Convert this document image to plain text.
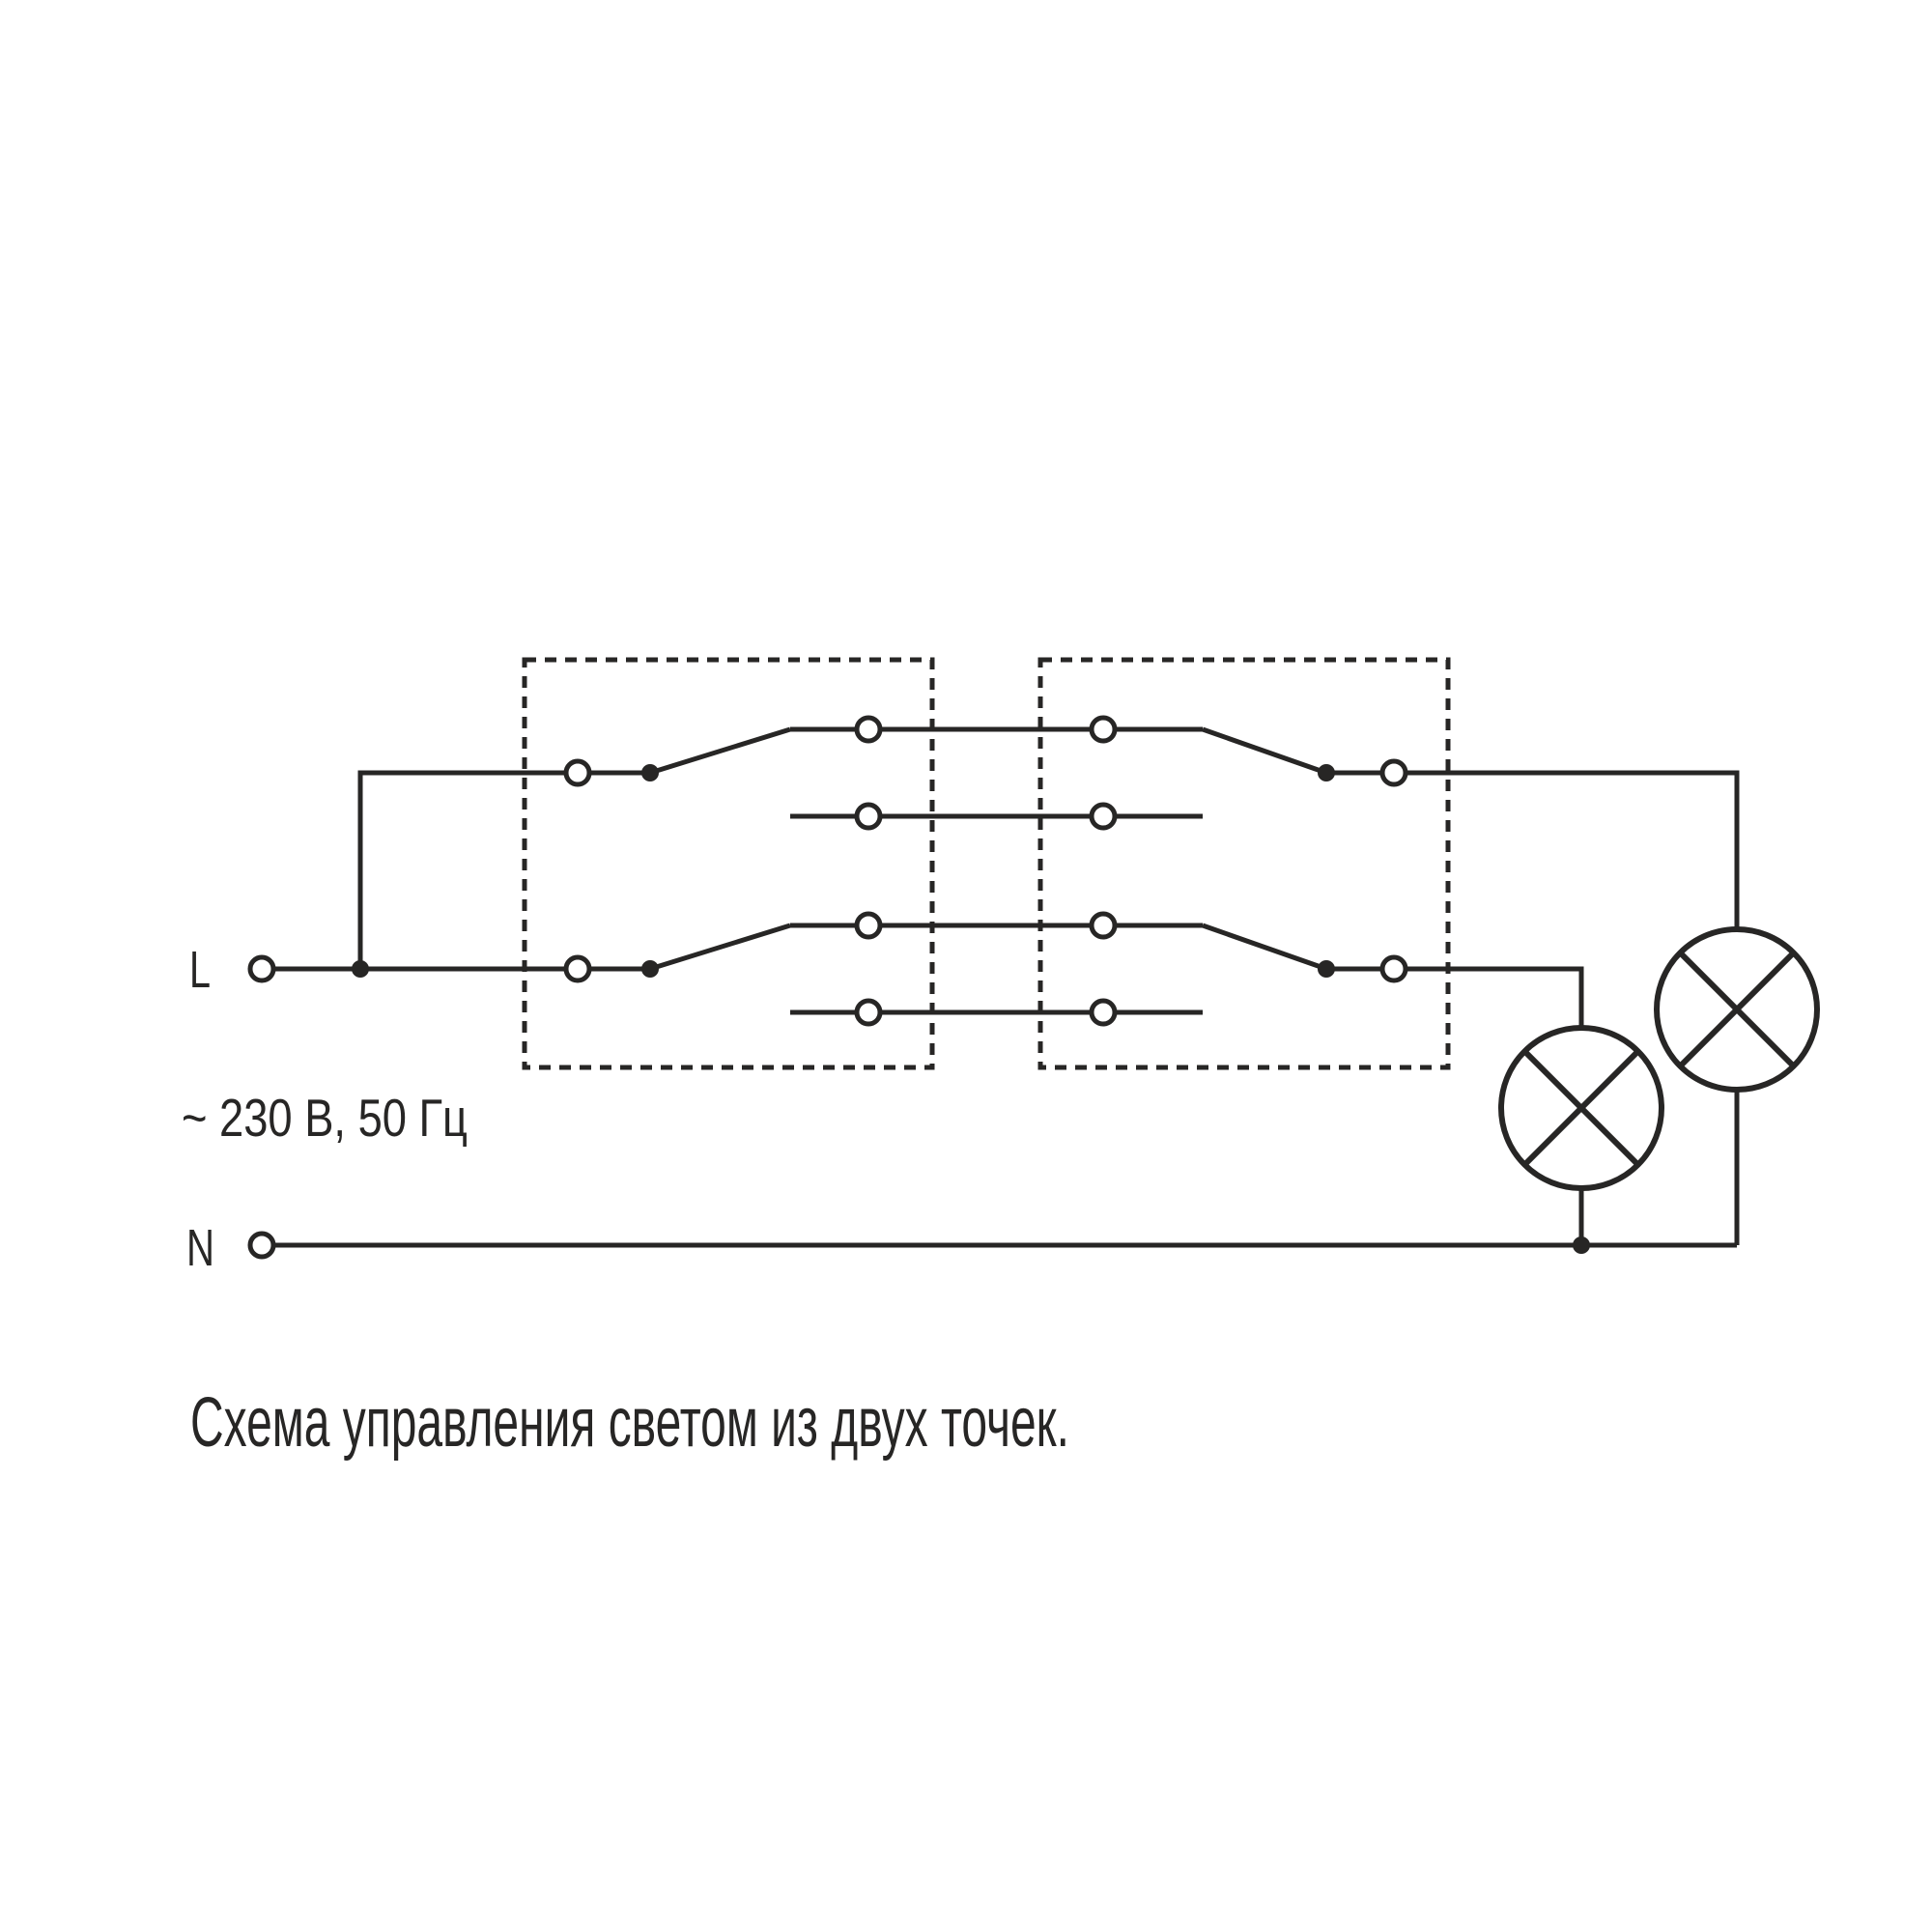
L
N
~ 230 В, 50 Гц
Схема управления светом из двух точек.
